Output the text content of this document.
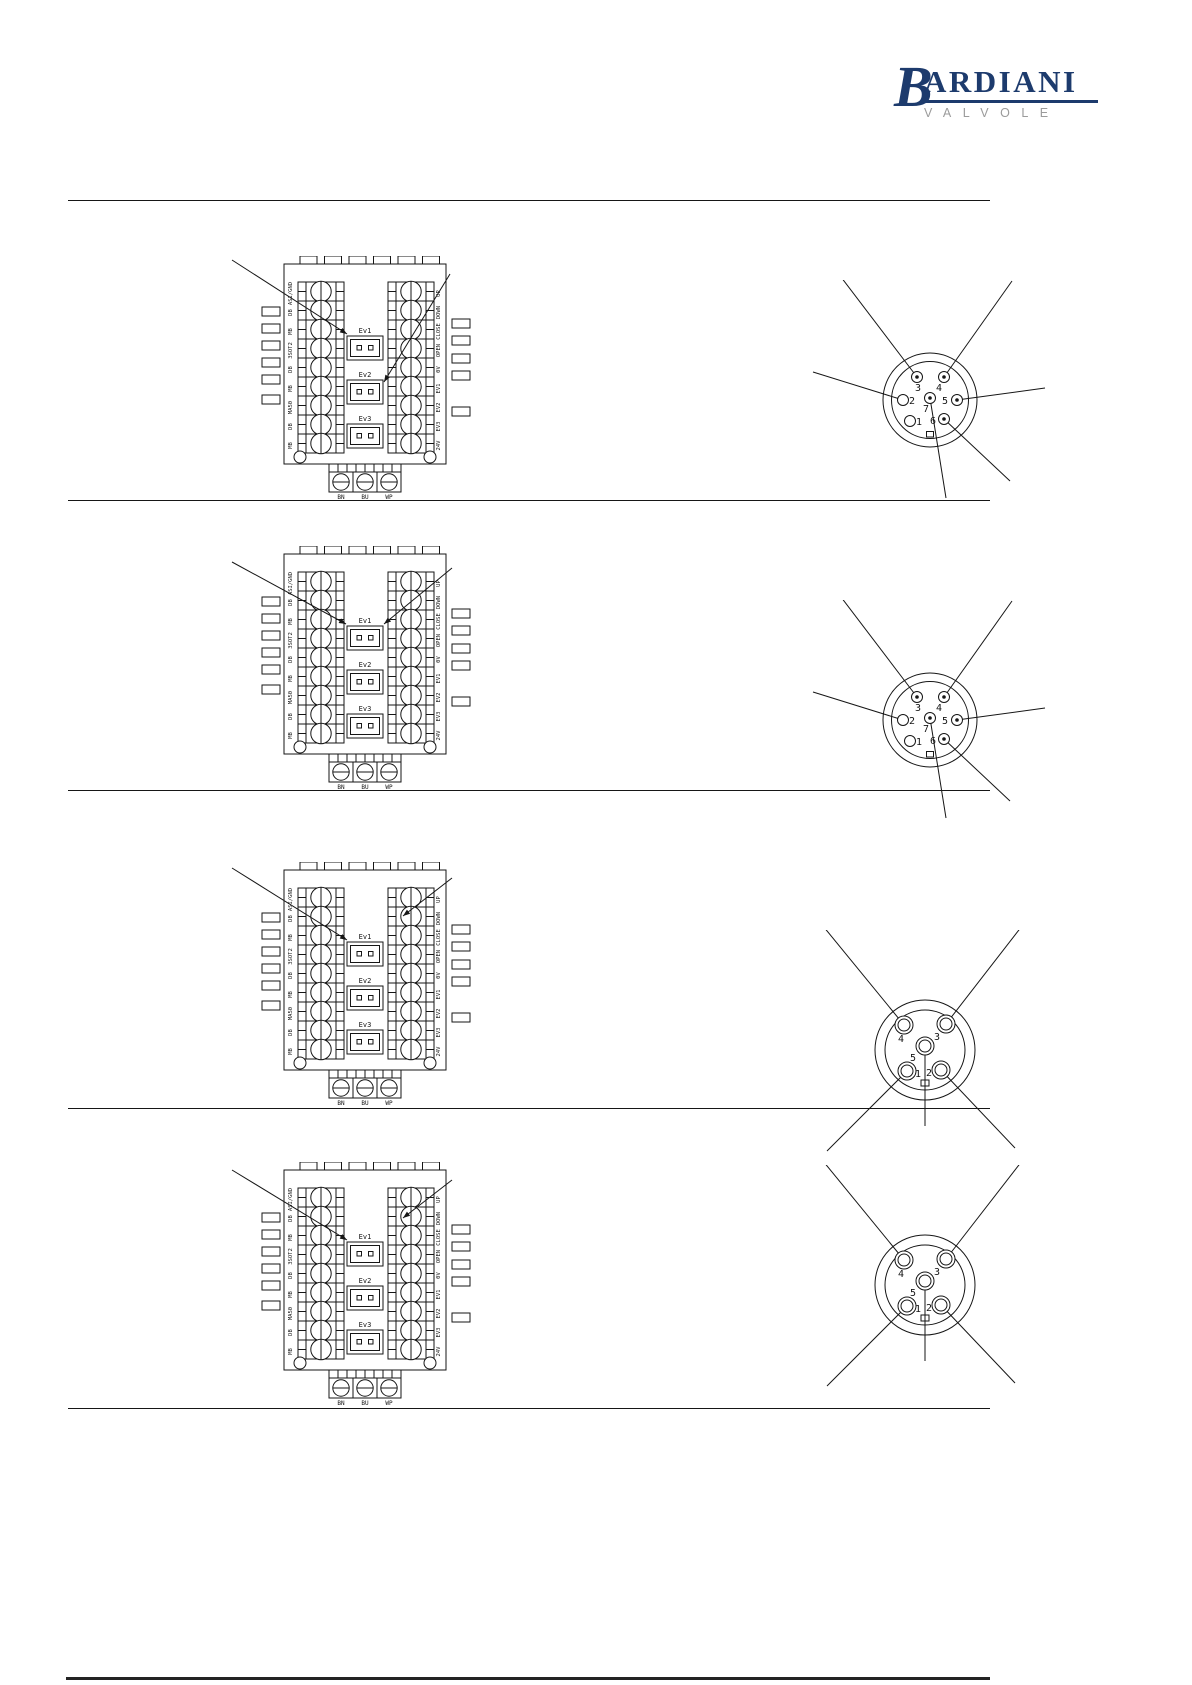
B
ARDIANI
VALVOLE
ASI/GND
DB
MB
3SOT2
DB
MB
MA50
DB
MB
UP
DOWN
CLOSE
OPEN
0V
EV1
EV2
EV3
24V
Ev1
Ev2
Ev3
BN	BU	WP
1
2
3 4
5
6
7
ASI/GND
DB
MB
3SOT2
DB
MB
MA50
DB
MB
UP
DOWN
CLOSE
OPEN
0V
EV1
EV2
EV3
24V
Ev1
Ev2
Ev3
BN	BU	WP
1
2
3 4
5
6
7
ASI/GND
DB
MB
3SOT2
DB
MB
MA50
DB
MB
UP
DOWN
CLOSE
OPEN
0V
EV1
EV2
EV3
24V
Ev1
Ev2
Ev3
BN	BU	WP
1 2
3
4
5
ASI/GND
DB
MB
3SOT2
DB
MB
MA50
DB
MB
UP
DOWN
CLOSE
OPEN
0V
EV1
EV2
EV3
24V
Ev1
Ev2
Ev3
BN	BU	WP
1 2
3
4
5
